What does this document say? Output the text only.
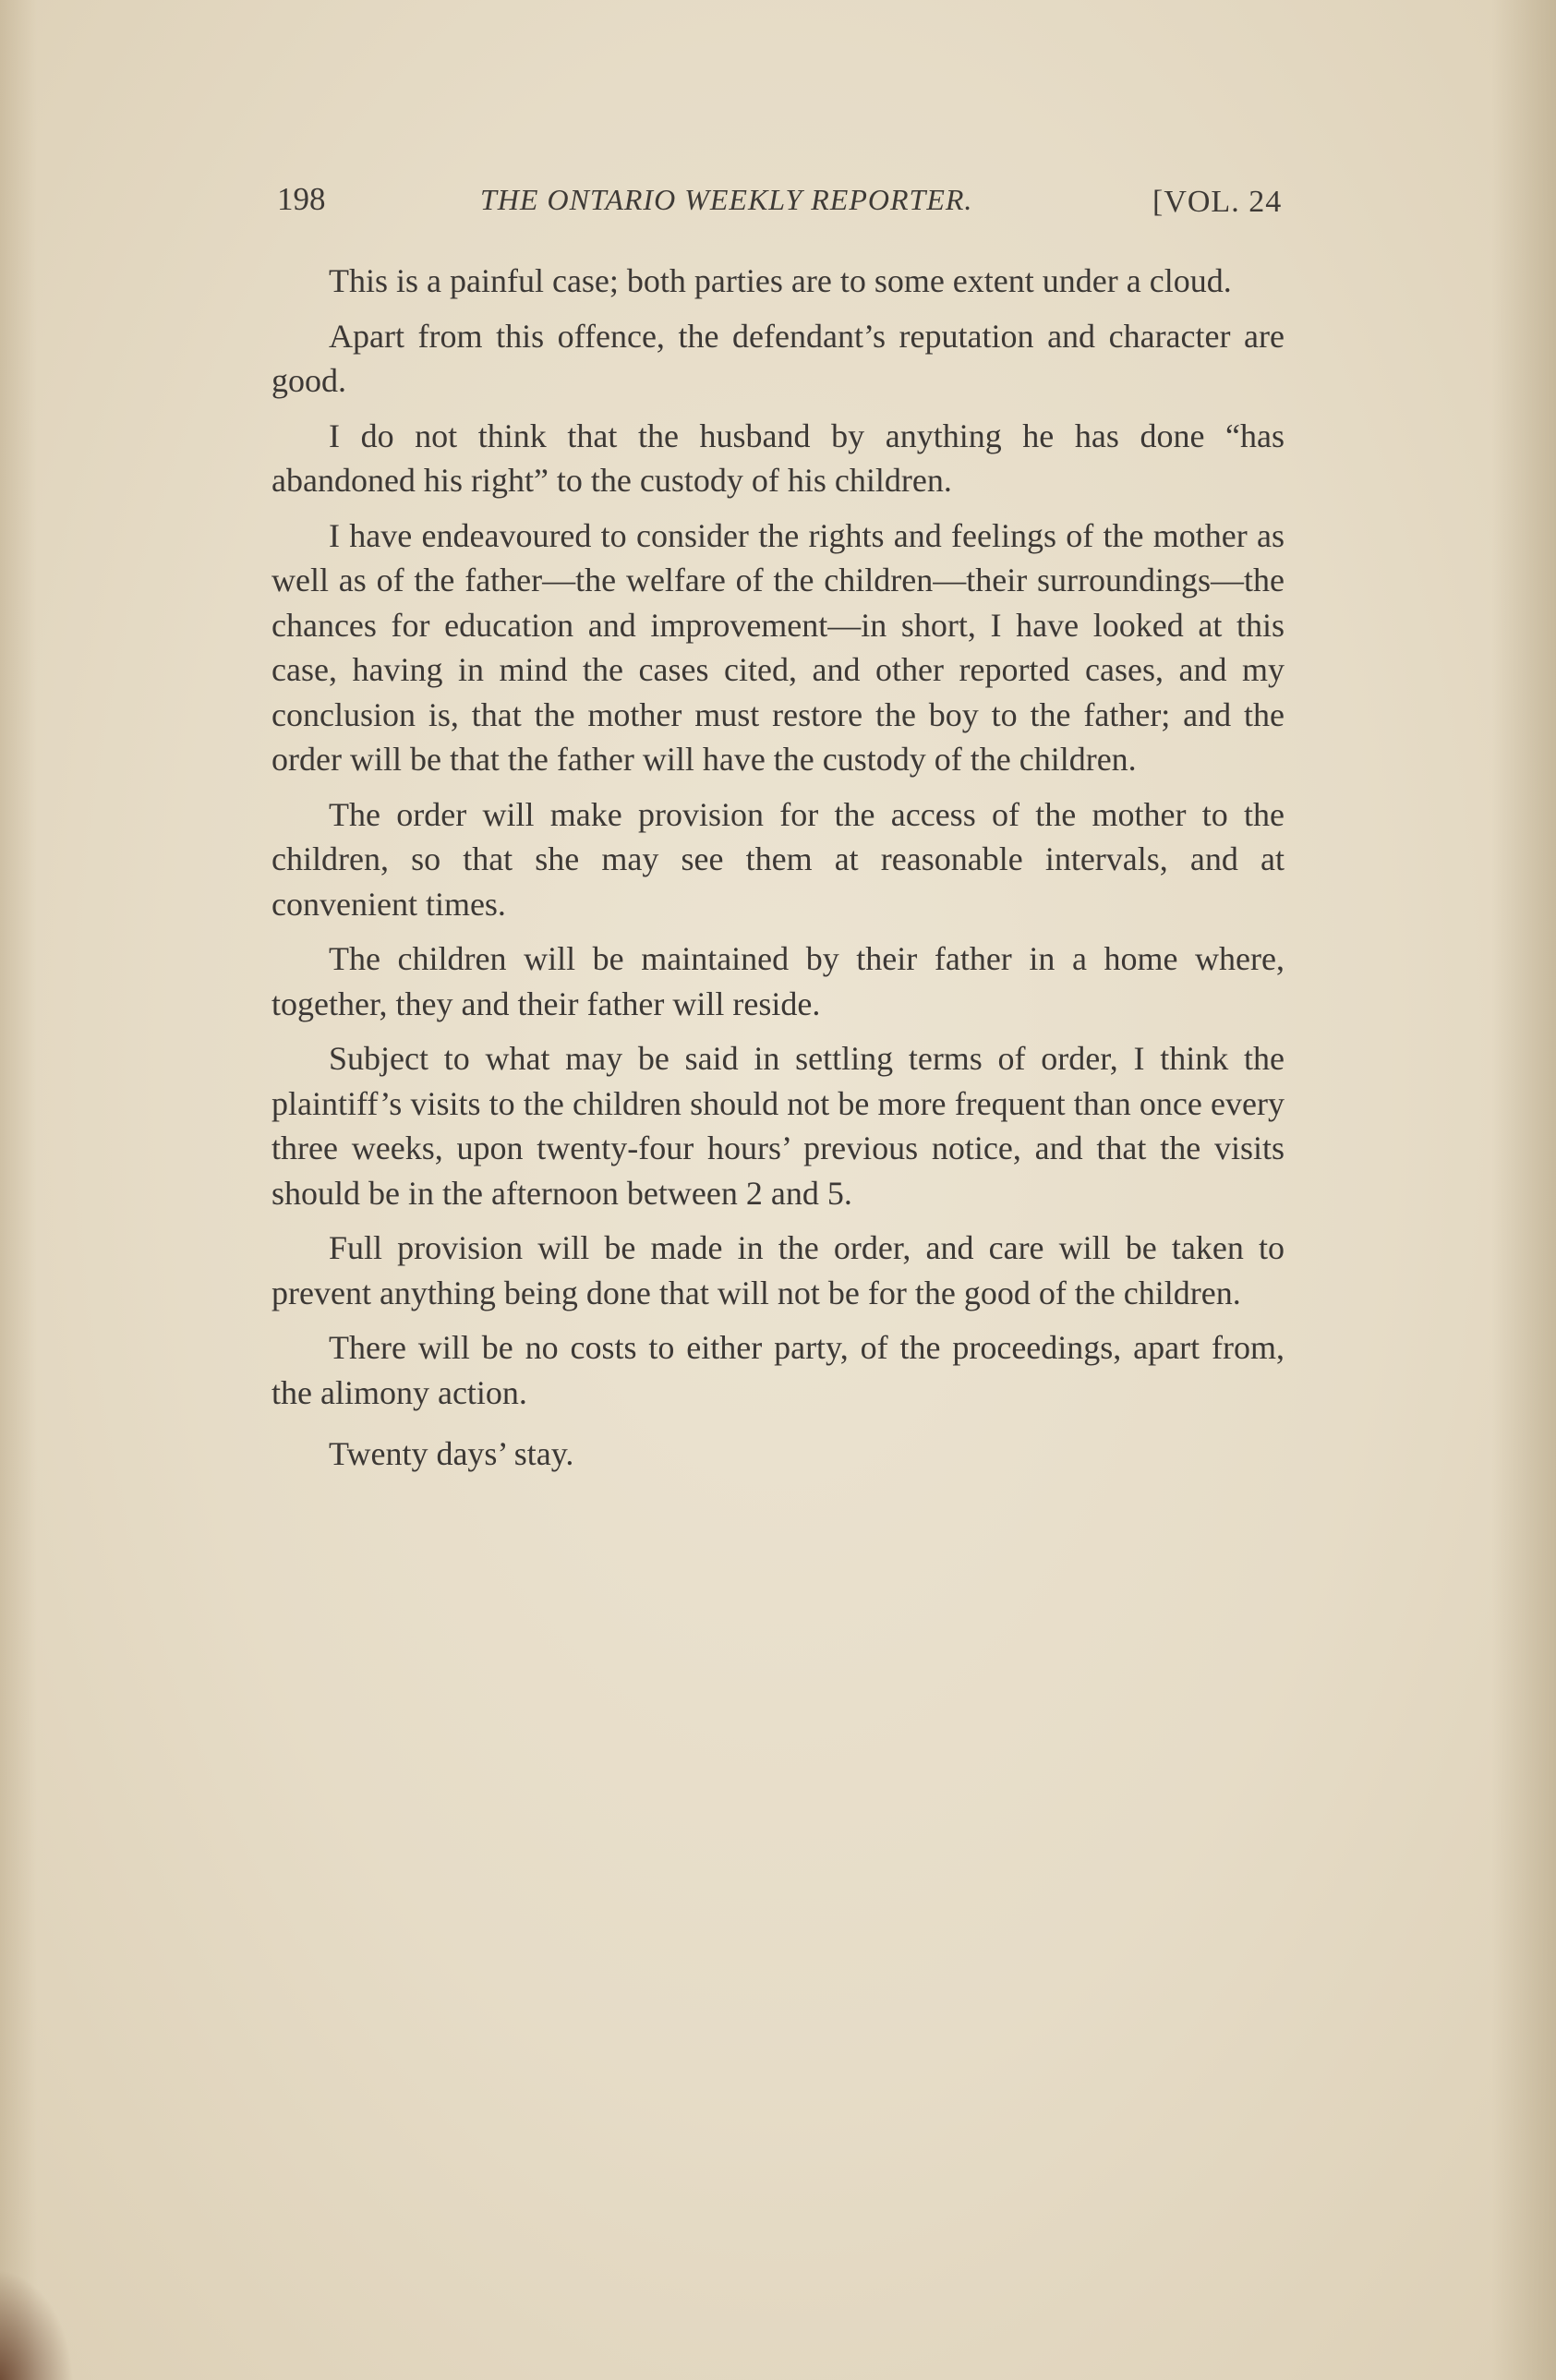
198	THE ONTARIO WEEKLY REPORTER.	[VOL. 24

This is a painful case; both parties are to some extent under a cloud.

Apart from this offence, the defendant’s reputation and character are good.

I do not think that the husband by anything he has done “has abandoned his right” to the custody of his children.

I have endeavoured to consider the rights and feelings of the mother as well as of the father—the welfare of the children—their surroundings—the chances for education and improvement—in short, I have looked at this case, having in mind the cases cited, and other reported cases, and my conclusion is, that the mother must restore the boy to the father; and the order will be that the father will have the custody of the children.

The order will make provision for the access of the mother to the children, so that she may see them at reasonable intervals, and at convenient times.

The children will be maintained by their father in a home where, together, they and their father will reside.

Subject to what may be said in settling terms of order, I think the plaintiff’s visits to the children should not be more frequent than once every three weeks, upon twenty-four hours’ previous notice, and that the visits should be in the afternoon between 2 and 5.

Full provision will be made in the order, and care will be taken to prevent anything being done that will not be for the good of the children.

There will be no costs to either party, of the proceedings, apart from, the alimony action.

Twenty days’ stay.
